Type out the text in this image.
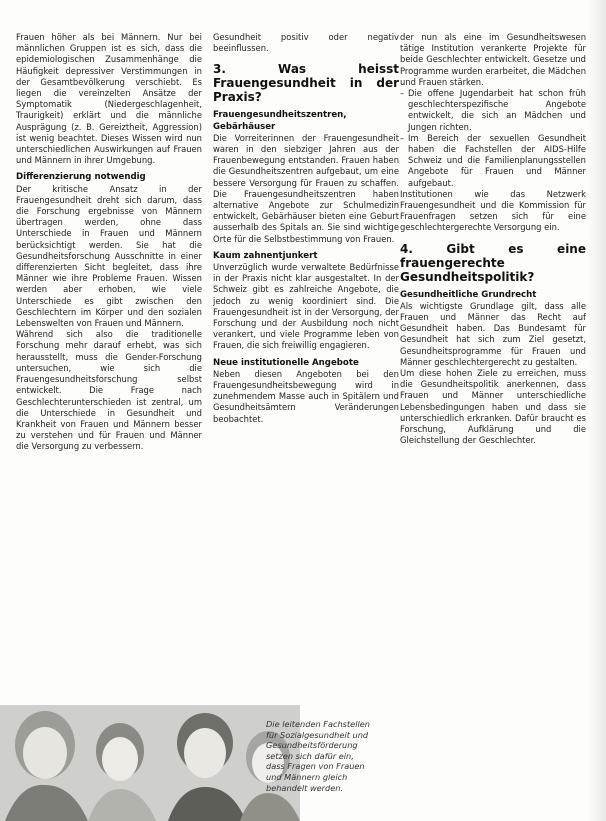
Frauen höher als bei Männern. Nur bei männlichen Gruppen ist es sich, dass die epidemiologischen Zusammenhänge die Häufigkeit depressiver Verstimmungen in der Gesamtbevölkerung verschiebt. Es liegen die vereinzelten Ansätze der Symptomatik (Niedergeschlagenheit, Traurigkeit) erklärt und die männliche Ausprägung (z. B. Gereiztheit, Aggression) ist wenig beachtet. Dieses Wissen wird nun unterschiedlichen Auswirkungen auf Frauen und Männern in ihrer Umgebung.

Differenzierung notwendig

Der kritische Ansatz in der Frauengesundheit dreht sich darum, dass die Forschung ergebnisse von Männern übertragen werden, ohne dass Unterschiede in Frauen und Männern berücksichtigt werden. Sie hat die Gesundheitsforschung Ausschnitte in einer differenzierten Sicht begleitet, dass ihre Männer wie ihre Probleme Frauen. Wissen werden aber erhoben, wie viele Unterschiede es gibt zwischen den Geschlechtern im Körper und den sozialen Lebenswelten von Frauen und Männern.

Während sich also die traditionelle Forschung mehr darauf erhebt, was sich herausstellt, muss die Gender-Forschung untersuchen, wie sich die Frauengesundheitsforschung selbst entwickelt. Die Frage nach Geschlechterunterschieden ist zentral, um die Unterschiede in Gesundheit und Krankheit von Frauen und Männern besser zu verstehen und für Frauen und Männer die Versorgung zu verbessern.

Gesundheit positiv oder negativ beeinflussen.

3. Was heisst Frauengesundheit in der Praxis?

Frauengesundheitszentren, Gebärhäuser

Die Vorreiterinnen der Frauengesundheit waren in den siebziger Jahren aus der Frauenbewegung entstanden. Frauen haben die Gesundheitszentren aufgebaut, um eine bessere Versorgung für Frauen zu schaffen. Die Frauengesundheitszentren haben alternative Angebote zur Schulmedizin entwickelt, Gebärhäuser bieten eine Geburt ausserhalb des Spitals an. Sie sind wichtige Orte für die Selbstbestimmung von Frauen.

Kaum zahnentjunkert

Unverzüglich wurde verwaltete Bedürfnisse in der Praxis nicht klar ausgestaltet. In der Schweiz gibt es zahlreiche Angebote, die jedoch zu wenig koordiniert sind. Die Frauengesundheit ist in der Versorgung, der Forschung und der Ausbildung noch nicht verankert, und viele Programme leben von Frauen, die sich freiwillig engagieren.

Neue institutionelle Angebote

Neben diesen Angeboten bei den Frauengesundheitsbewegung wird in zunehmendem Masse auch in Spitälern und Gesundheitsämtern Veränderungen beobachtet.

der nun als eine im Gesundheitswesen tätige Institution verankerte Projekte für beide Geschlechter entwickelt. Gesetze und Programme wurden erarbeitet, die Mädchen und Frauen stärken.

– Die offene Jugendarbeit hat schon früh geschlechterspezifische Angebote entwickelt, die sich an Mädchen und Jungen richten.
– Im Bereich der sexuellen Gesundheit haben die Fachstellen der AIDS-Hilfe Schweiz und die Familienplanungsstellen Angebote für Frauen und Männer aufgebaut.

Institutionen wie das Netzwerk Frauengesundheit und die Kommission für Frauenfragen setzen sich für eine geschlechtergerechte Versorgung ein.

4. Gibt es eine frauengerechte Gesundheitspolitik?

Gesundheitliche Grundrecht

Als wichtigste Grundlage gilt, dass alle Frauen und Männer das Recht auf Gesundheit haben. Das Bundesamt für Gesundheit hat sich zum Ziel gesetzt, Gesundheitsprogramme für Frauen und Männer geschlechtergerecht zu gestalten.

Um diese hohen Ziele zu erreichen, muss die Gesundheitspolitik anerkennen, dass Frauen und Männer unterschiedliche Lebensbedingungen haben und dass sie unterschiedlich erkranken. Dafür braucht es Forschung, Aufklärung und die Gleichstellung der Geschlechter.

Die leitenden Fachstellen für Sozialgesundheit und Gesundheitsförderung setzen sich dafür ein, dass Fragen von Frauen und Männern gleich behandelt werden.
